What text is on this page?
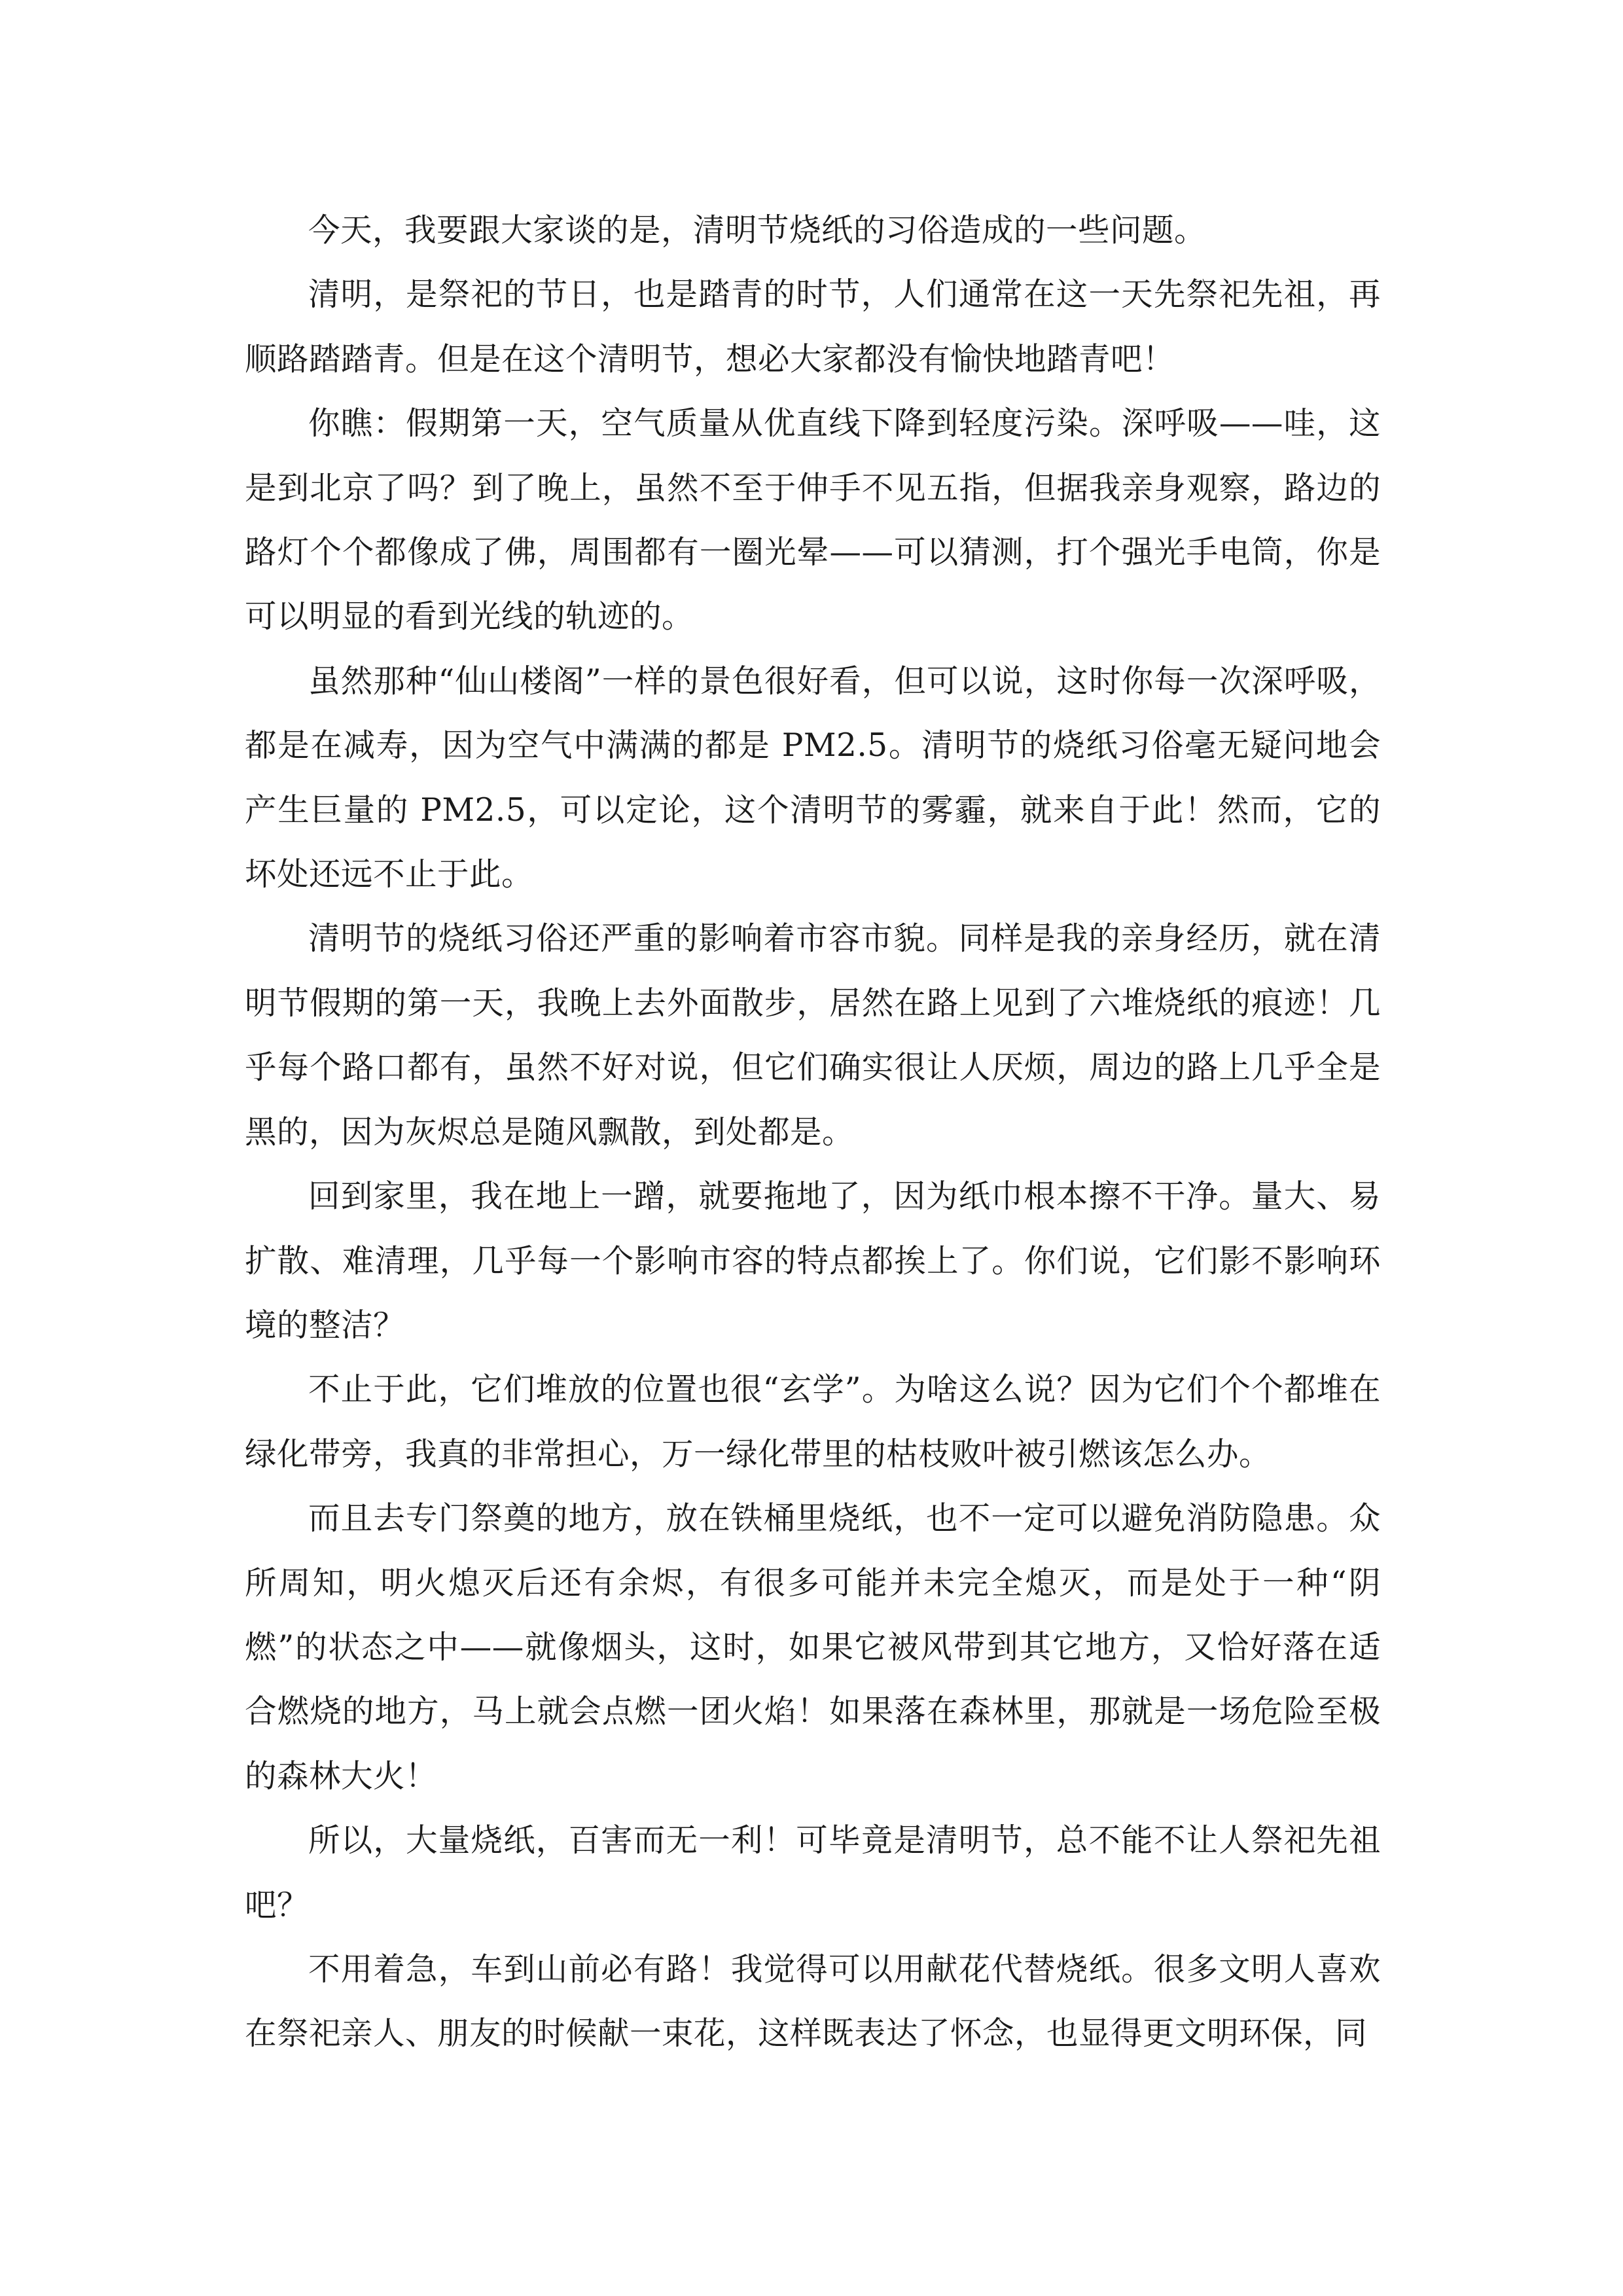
今天，我要跟大家谈的是，清明节烧纸的习俗造成的一些问题。

清明，是祭祀的节日，也是踏青的时节，人们通常在这一天先祭祀先祖，再顺路踏踏青。但是在这个清明节，想必大家都没有愉快地踏青吧！

你瞧：假期第一天，空气质量从优直线下降到轻度污染。深呼吸——哇，这是到北京了吗？到了晚上，虽然不至于伸手不见五指，但据我亲身观察，路边的路灯个个都像成了佛，周围都有一圈光晕——可以猜测，打个强光手电筒，你是可以明显的看到光线的轨迹的。

虽然那种“仙山楼阁”一样的景色很好看，但可以说，这时你每一次深呼吸，都是在减寿，因为空气中满满的都是 PM2.5。清明节的烧纸习俗毫无疑问地会产生巨量的 PM2.5，可以定论，这个清明节的雾霾，就来自于此！然而，它的坏处还远不止于此。

清明节的烧纸习俗还严重的影响着市容市貌。同样是我的亲身经历，就在清明节假期的第一天，我晚上去外面散步，居然在路上见到了六堆烧纸的痕迹！几乎每个路口都有，虽然不好对说，但它们确实很让人厌烦，周边的路上几乎全是黑的，因为灰烬总是随风飘散，到处都是。

回到家里，我在地上一蹭，就要拖地了，因为纸巾根本擦不干净。量大、易扩散、难清理，几乎每一个影响市容的特点都挨上了。你们说，它们影不影响环境的整洁？

不止于此，它们堆放的位置也很“玄学”。为啥这么说？因为它们个个都堆在绿化带旁，我真的非常担心，万一绿化带里的枯枝败叶被引燃该怎么办。

而且去专门祭奠的地方，放在铁桶里烧纸，也不一定可以避免消防隐患。众所周知，明火熄灭后还有余烬，有很多可能并未完全熄灭，而是处于一种“阴燃”的状态之中——就像烟头，这时，如果它被风带到其它地方，又恰好落在适合燃烧的地方，马上就会点燃一团火焰！如果落在森林里，那就是一场危险至极的森林大火！

所以，大量烧纸，百害而无一利！可毕竟是清明节，总不能不让人祭祀先祖吧？

不用着急，车到山前必有路！我觉得可以用献花代替烧纸。很多文明人喜欢在祭祀亲人、朋友的时候献一束花，这样既表达了怀念，也显得更文明环保，同
